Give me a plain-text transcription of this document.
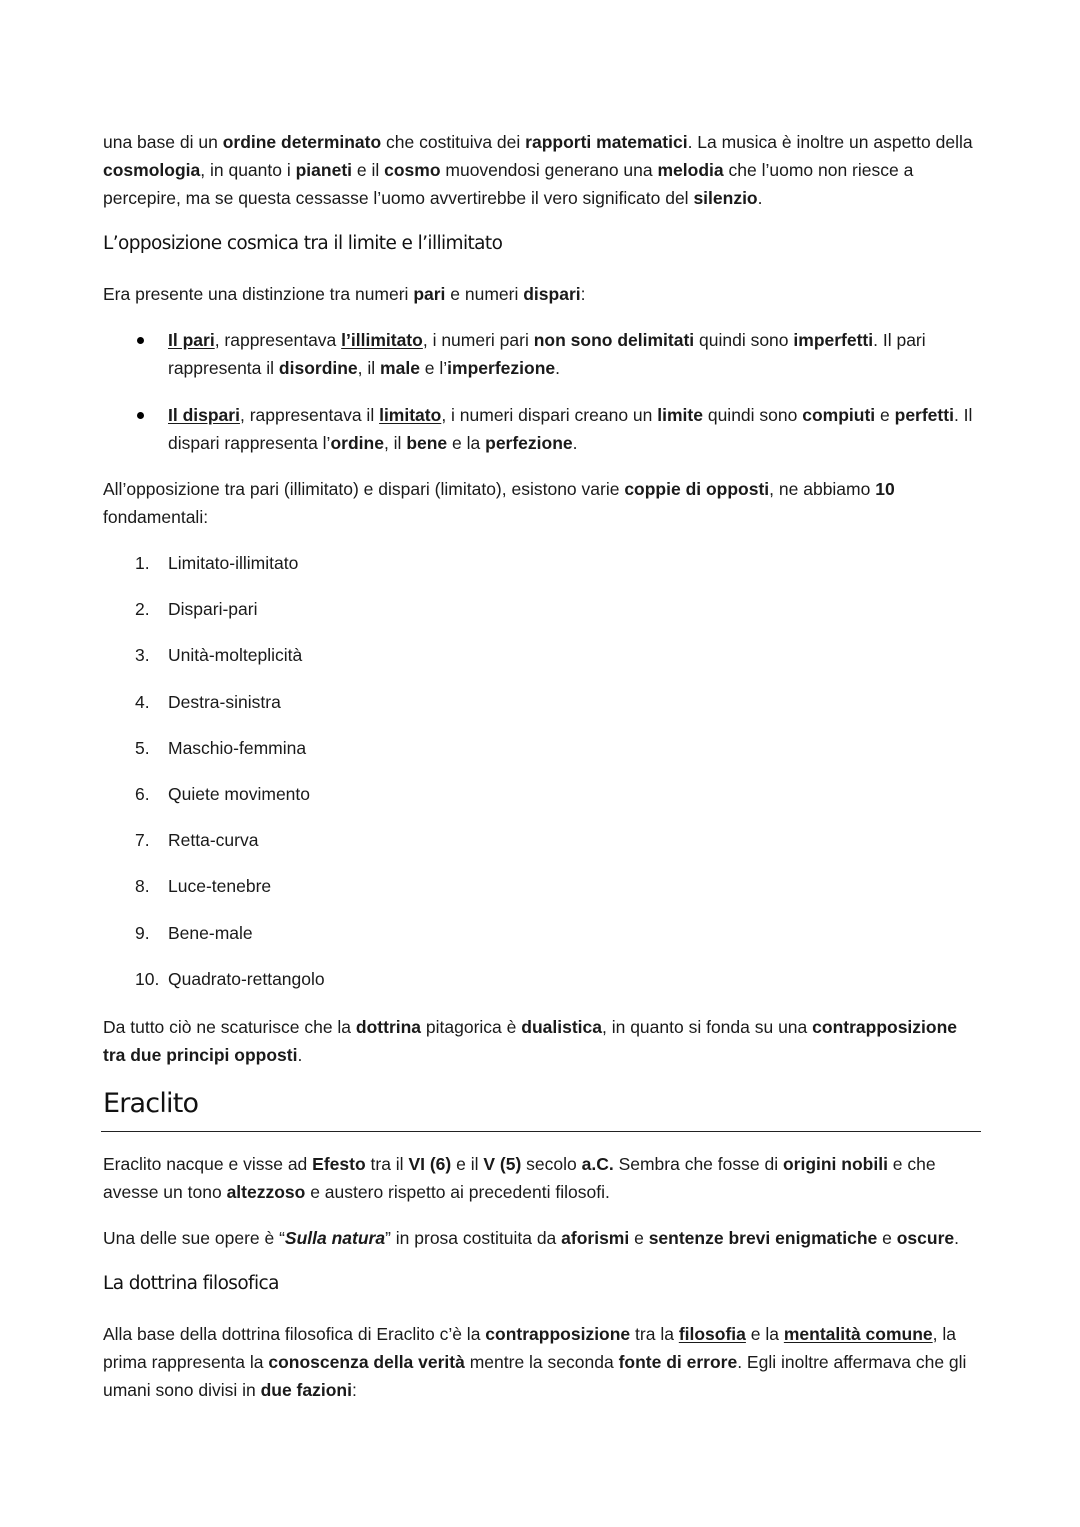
una base di un ordine determinato che costituiva dei rapporti matematici. La musica è inoltre un aspetto della cosmologia, in quanto i pianeti e il cosmo muovendosi generano una melodia che l’uomo non riesce a percepire, ma se questa cessasse l’uomo avvertirebbe il vero significato del silenzio.

L’opposizione cosmica tra il limite e l’illimitato

Era presente una distinzione tra numeri pari e numeri dispari:

Il pari, rappresentava l’illimitato, i numeri pari non sono delimitati quindi sono imperfetti. Il pari rappresenta il disordine, il male e l’imperfezione.
Il dispari, rappresentava il limitato, i numeri dispari creano un limite quindi sono compiuti e perfetti. Il dispari rappresenta l’ordine, il bene e la perfezione.

All’opposizione tra pari (illimitato) e dispari (limitato), esistono varie coppie di opposti, ne abbiamo 10 fondamentali:

1. Limitato-illimitato
2. Dispari-pari
3. Unità-molteplicità
4. Destra-sinistra
5. Maschio-femmina
6. Quiete movimento
7. Retta-curva
8. Luce-tenebre
9. Bene-male
10. Quadrato-rettangolo

Da tutto ciò ne scaturisce che la dottrina pitagorica è dualistica, in quanto si fonda su una contrapposizione tra due principi opposti.

Eraclito

Eraclito nacque e visse ad Efesto tra il VI (6) e il V (5) secolo a.C. Sembra che fosse di origini nobili e che avesse un tono altezzoso e austero rispetto ai precedenti filosofi.

Una delle sue opere è “Sulla natura” in prosa costituita da aforismi e sentenze brevi enigmatiche e oscure.

La dottrina filosofica

Alla base della dottrina filosofica di Eraclito c’è la contrapposizione tra la filosofia e la mentalità comune, la prima rappresenta la conoscenza della verità mentre la seconda fonte di errore. Egli inoltre affermava che gli umani sono divisi in due fazioni:
